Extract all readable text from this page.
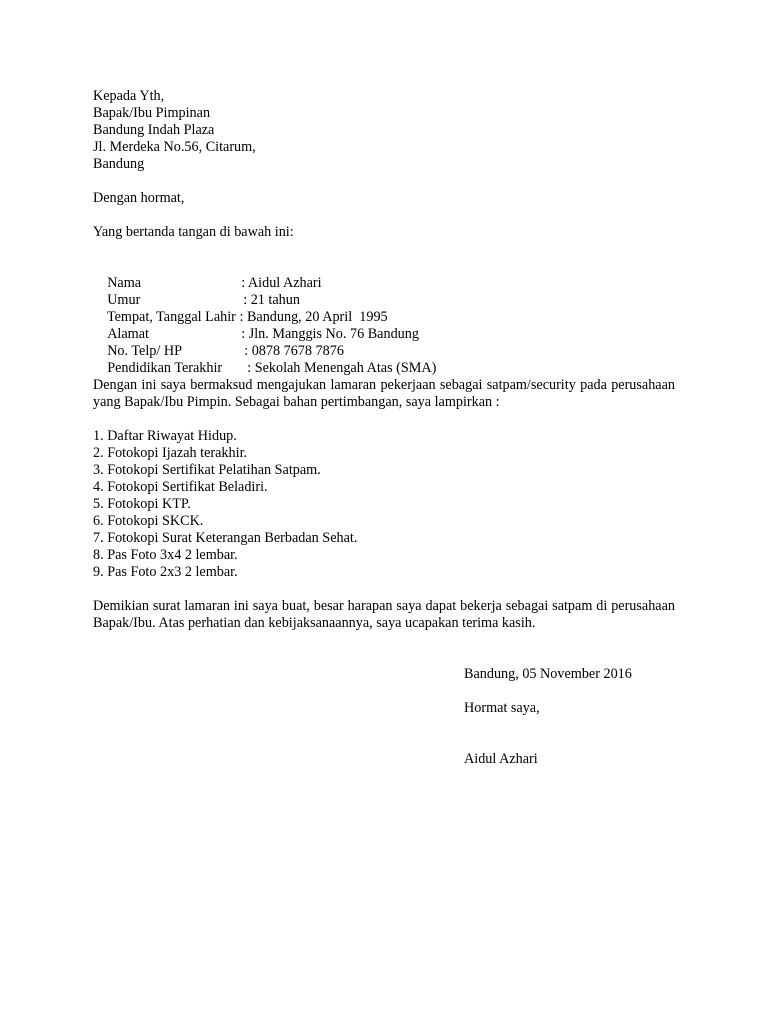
Kepada Yth,
Bapak/Ibu Pimpinan
Bandung Indah Plaza
Jl. Merdeka No.56, Citarum,
Bandung
Dengan hormat,
Yang bertanda tangan di bawah ini:

Nama	: Aidul Azhari

Umur	: 21 tahun

Tempat, Tanggal Lahir : Bandung, 20 April  1995

Alamat	: Jln. Manggis No. 76 Bandung

No. Telp/ HP	: 0878 7678 7876

Pendidikan Terakhir : Sekolah Menengah Atas (SMA)

Dengan ini saya bermaksud mengajukan lamaran pekerjaan sebagai satpam/security pada perusahaan yang Bapak/Ibu Pimpin. Sebagai bahan pertimbangan, saya lampirkan :
1. Daftar Riwayat Hidup.
2. Fotokopi Ijazah terakhir.
3. Fotokopi Sertifikat Pelatihan Satpam.
4. Fotokopi Sertifikat Beladiri.
5. Fotokopi KTP.
6. Fotokopi SKCK.
7. Fotokopi Surat Keterangan Berbadan Sehat.
8. Pas Foto 3x4 2 lembar.
9. Pas Foto 2x3 2 lembar.
Demikian surat lamaran ini saya buat, besar harapan saya dapat bekerja sebagai satpam di perusahaan Bapak/Ibu. Atas perhatian dan kebijaksanaannya, saya ucapakan terima kasih.
Bandung, 05 November 2016
Hormat saya,
Aidul Azhari
